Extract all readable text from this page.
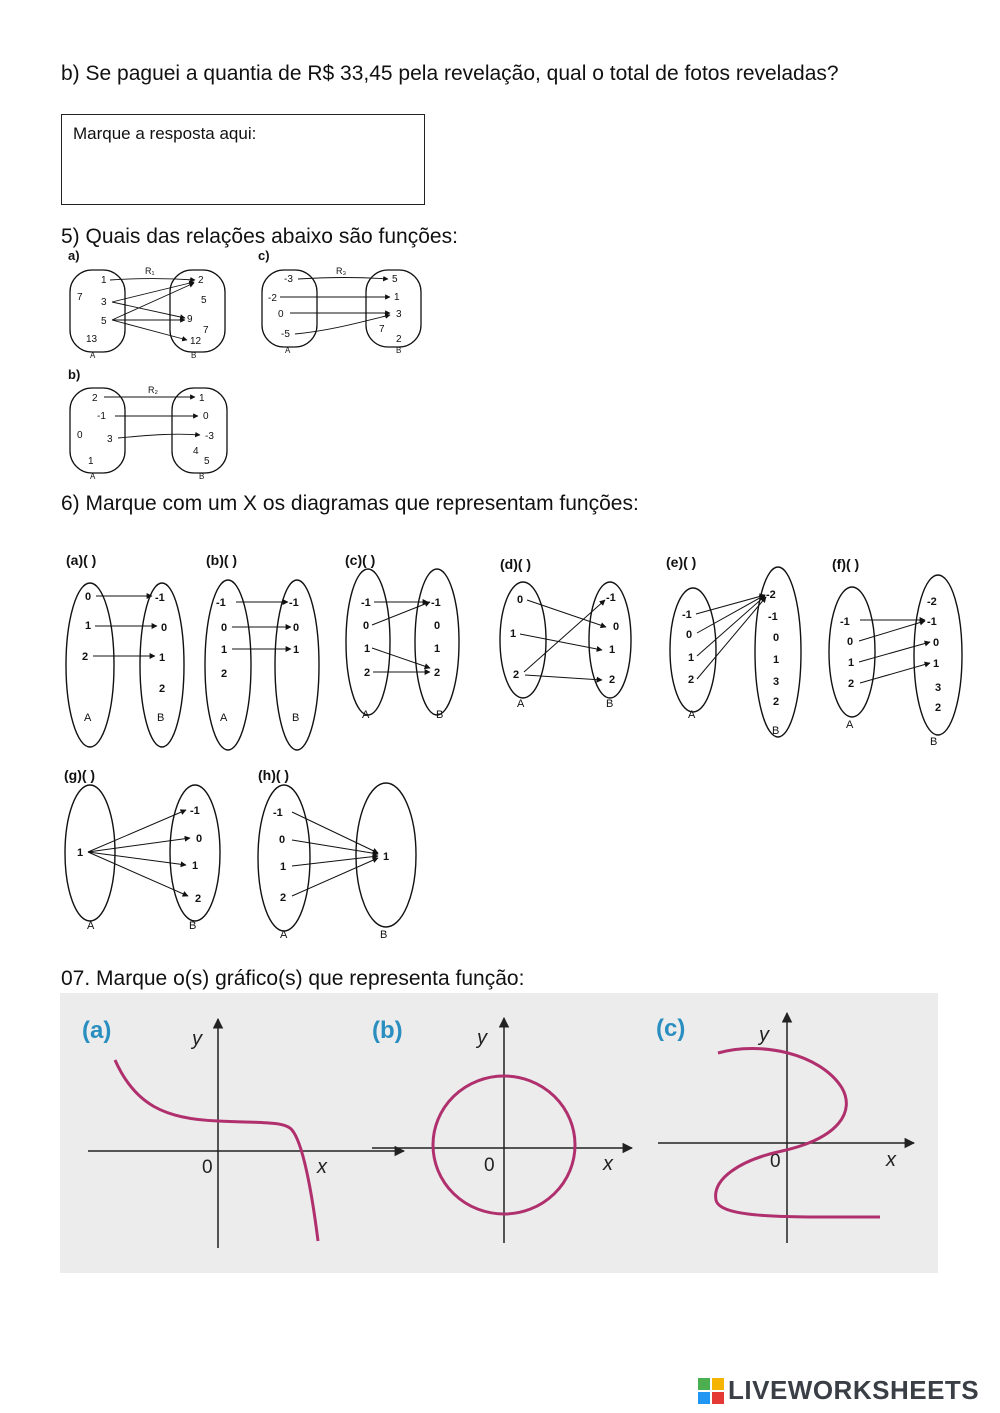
b) Se paguei a quantia de R$ 33,45 pela revelação, qual o total de fotos reveladas?
Marque a resposta aqui:
5) Quais das relações abaixo são funções:
a)
R₁
1
7 3
5
13
2
5
9
7
12
A	B
c)
R₃
-3
-2
0
-5
5
1
3
7
2
A	B
b)
R₂
2
-1
0 3
1
1
0
-3
4
5
A	B
6) Marque com um X os diagramas que representam funções:
(a)( )
0
1
2
-1
0
1
2
A	B
(b)( )
-1
0
1
2
-1
0
1
A	B
(c)( )
-1
0
1
2
-1
0
1
2
A	B
(d)( )
0
1
2
-1
0
1
2
A	B
(e)( )
-1
0
1
2
-2
-1
0
1
3
2
A
B
(f)( )
-1
0
1
2
-2
-1
0
1
3
2
A
B
(g)( )
1
-1
0
1
2
A	B
(h)( )
-1
0
1
2
1
A	B
07. Marque o(s) gráfico(s) que representa função:
(a)	y
x
0
(b)	y
x
0
(c)	y
x
0
LIVEWORKSHEETS
